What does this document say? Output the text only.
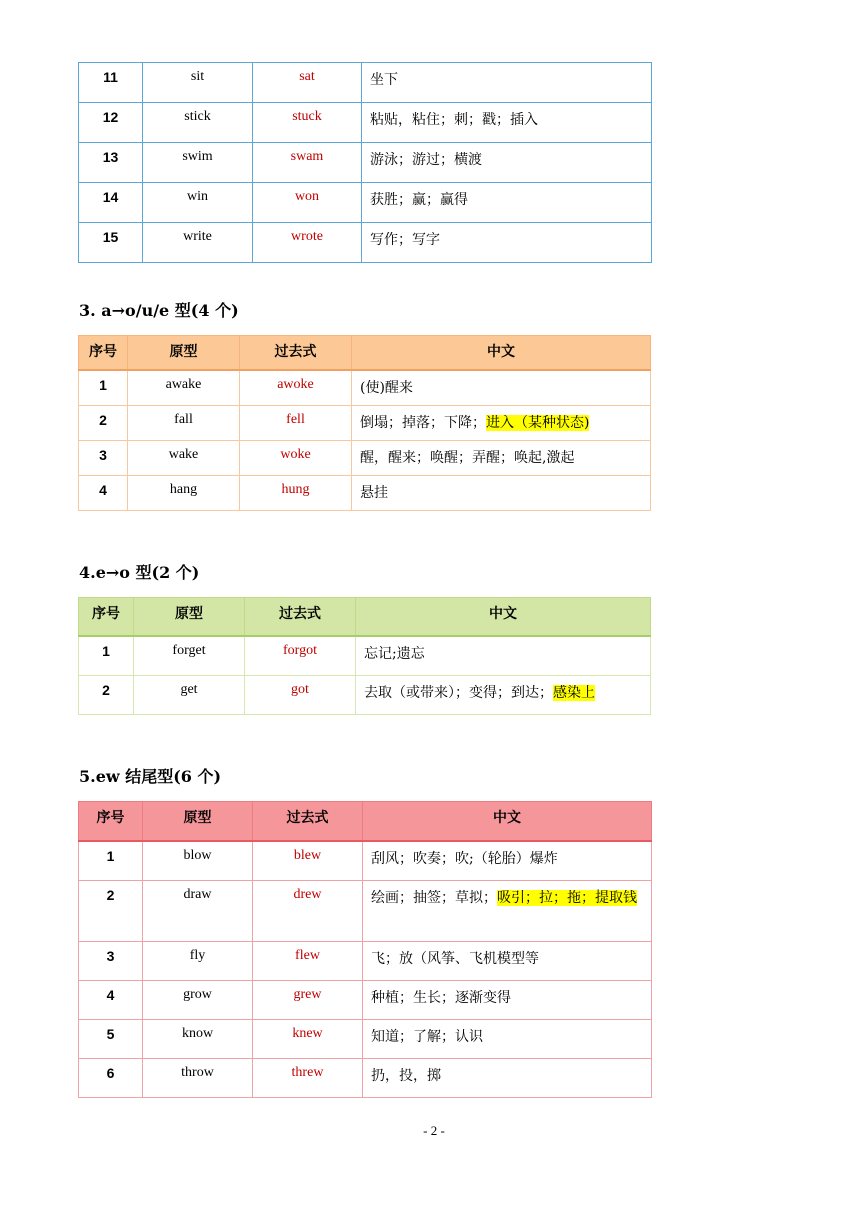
11	sit	sat	坐下
12	stick	stuck	粘贴，粘住；刺；戳；插入
13	swim	swam	游泳；游过；横渡
14	win	won	获胜；赢；赢得
15	write	wrote	写作；写字
3. a→o/u/e 型(4 个)
序号	原型	过去式	中文
1	awake	awoke	(使)醒来
2	fall	fell	倒塌；掉落；下降；进入（某种状态)
3	wake	woke	醒，醒来；唤醒；弄醒；唤起,激起
4	hang	hung	悬挂
4.e→o 型(2 个)
序号	原型	过去式	中文
1	forget	forgot	忘记;遗忘
2	get	got	去取（或带来）；变得；到达；感染上
5.ew 结尾型(6 个)
序号	原型	过去式	中文
1	blow	blew	刮风；吹奏；吹;（轮胎）爆炸
2	draw	drew	绘画；抽签；草拟；吸引；拉；拖；提取钱
3	fly	flew	飞；放（风筝、飞机模型等
4	grow	grew	种植；生长；逐渐变得
5	know	knew	知道；了解；认识
6	throw	threw	扔，投，掷
- 2 -
